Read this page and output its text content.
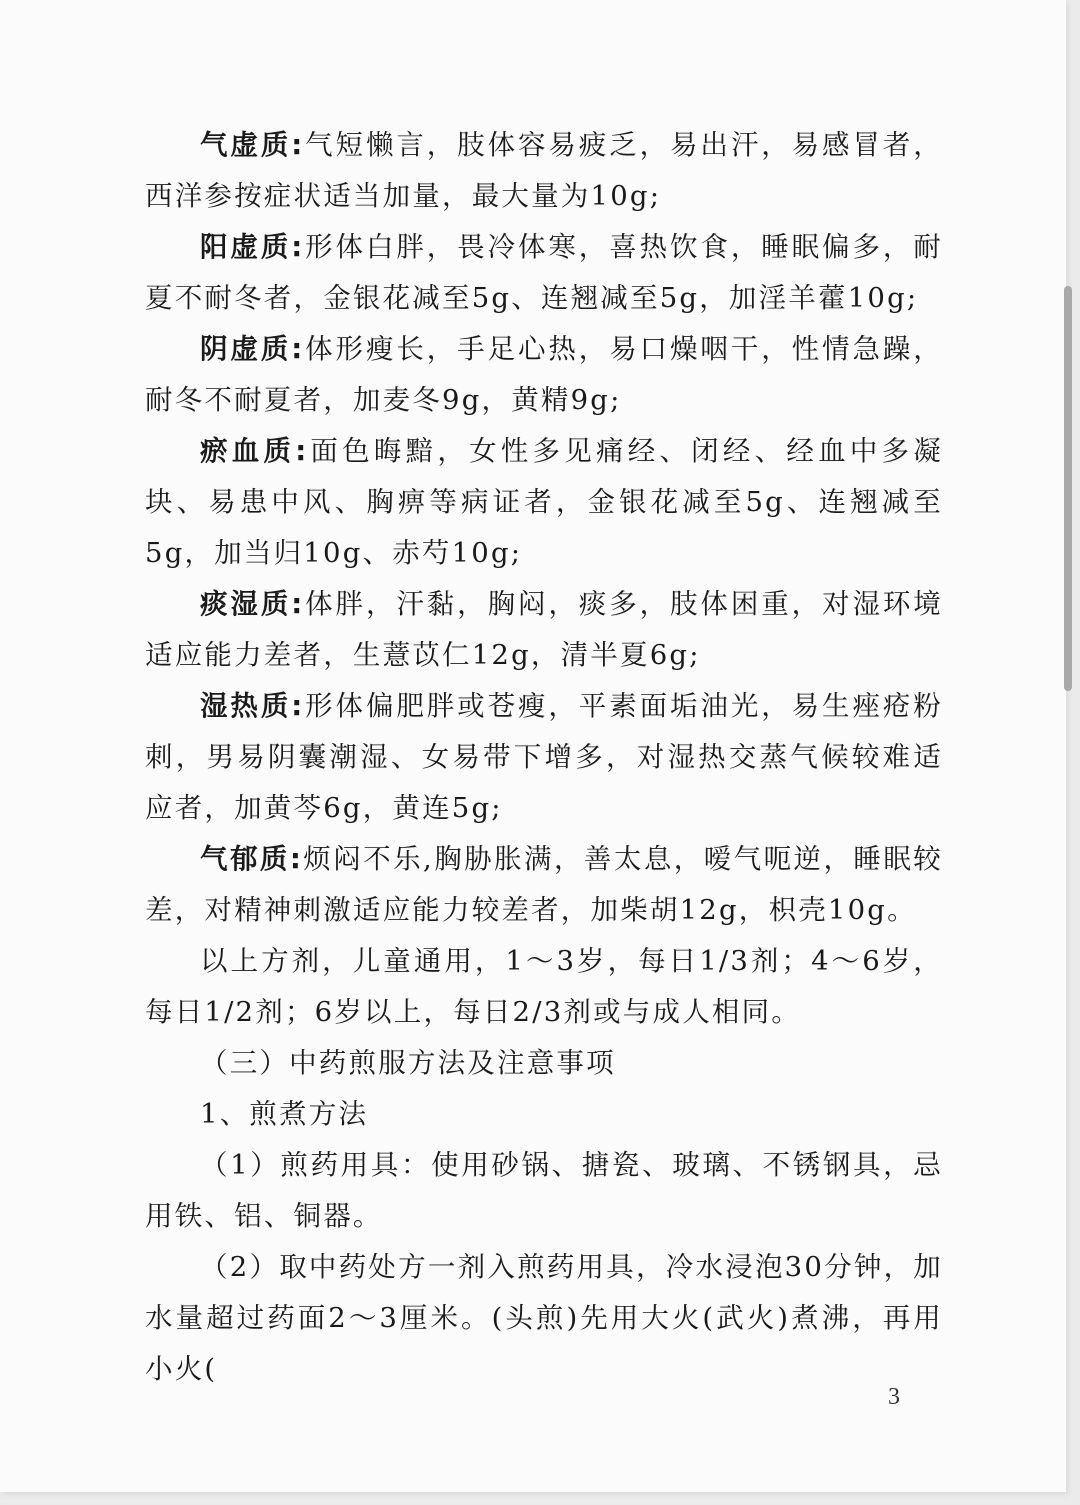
气虚质:气短懒言，肢体容易疲乏，易出汗，易感冒者，西洋参按症状适当加量，最大量为10g;

阳虚质:形体白胖，畏冷体寒，喜热饮食，睡眠偏多，耐夏不耐冬者，金银花减至5g、连翘减至5g，加淫羊藿10g;

阴虚质:体形瘦长，手足心热，易口燥咽干，性情急躁，耐冬不耐夏者，加麦冬9g，黄精9g;

瘀血质:面色晦黯，女性多见痛经、闭经、经血中多凝块、易患中风、胸痹等病证者，金银花减至5g、连翘减至5g，加当归10g、赤芍10g;

痰湿质:体胖，汗黏，胸闷，痰多，肢体困重，对湿环境适应能力差者，生薏苡仁12g，清半夏6g;

湿热质:形体偏肥胖或苍瘦，平素面垢油光，易生痤疮粉刺，男易阴囊潮湿、女易带下增多，对湿热交蒸气候较难适应者，加黄芩6g，黄连5g;

气郁质:烦闷不乐,胸胁胀满，善太息，嗳气呃逆，睡眠较差，对精神刺激适应能力较差者，加柴胡12g，枳壳10g。

以上方剂，儿童通用，1～3岁，每日1/3剂；4～6岁，每日1/2剂；6岁以上，每日2/3剂或与成人相同。

（三）中药煎服方法及注意事项

1、煎煮方法

（1）煎药用具：使用砂锅、搪瓷、玻璃、不锈钢具，忌用铁、铝、铜器。

（2）取中药处方一剂入煎药用具，冷水浸泡30分钟，加水量超过药面2～3厘米。(头煎)先用大火(武火)煮沸，再用小火(

3
